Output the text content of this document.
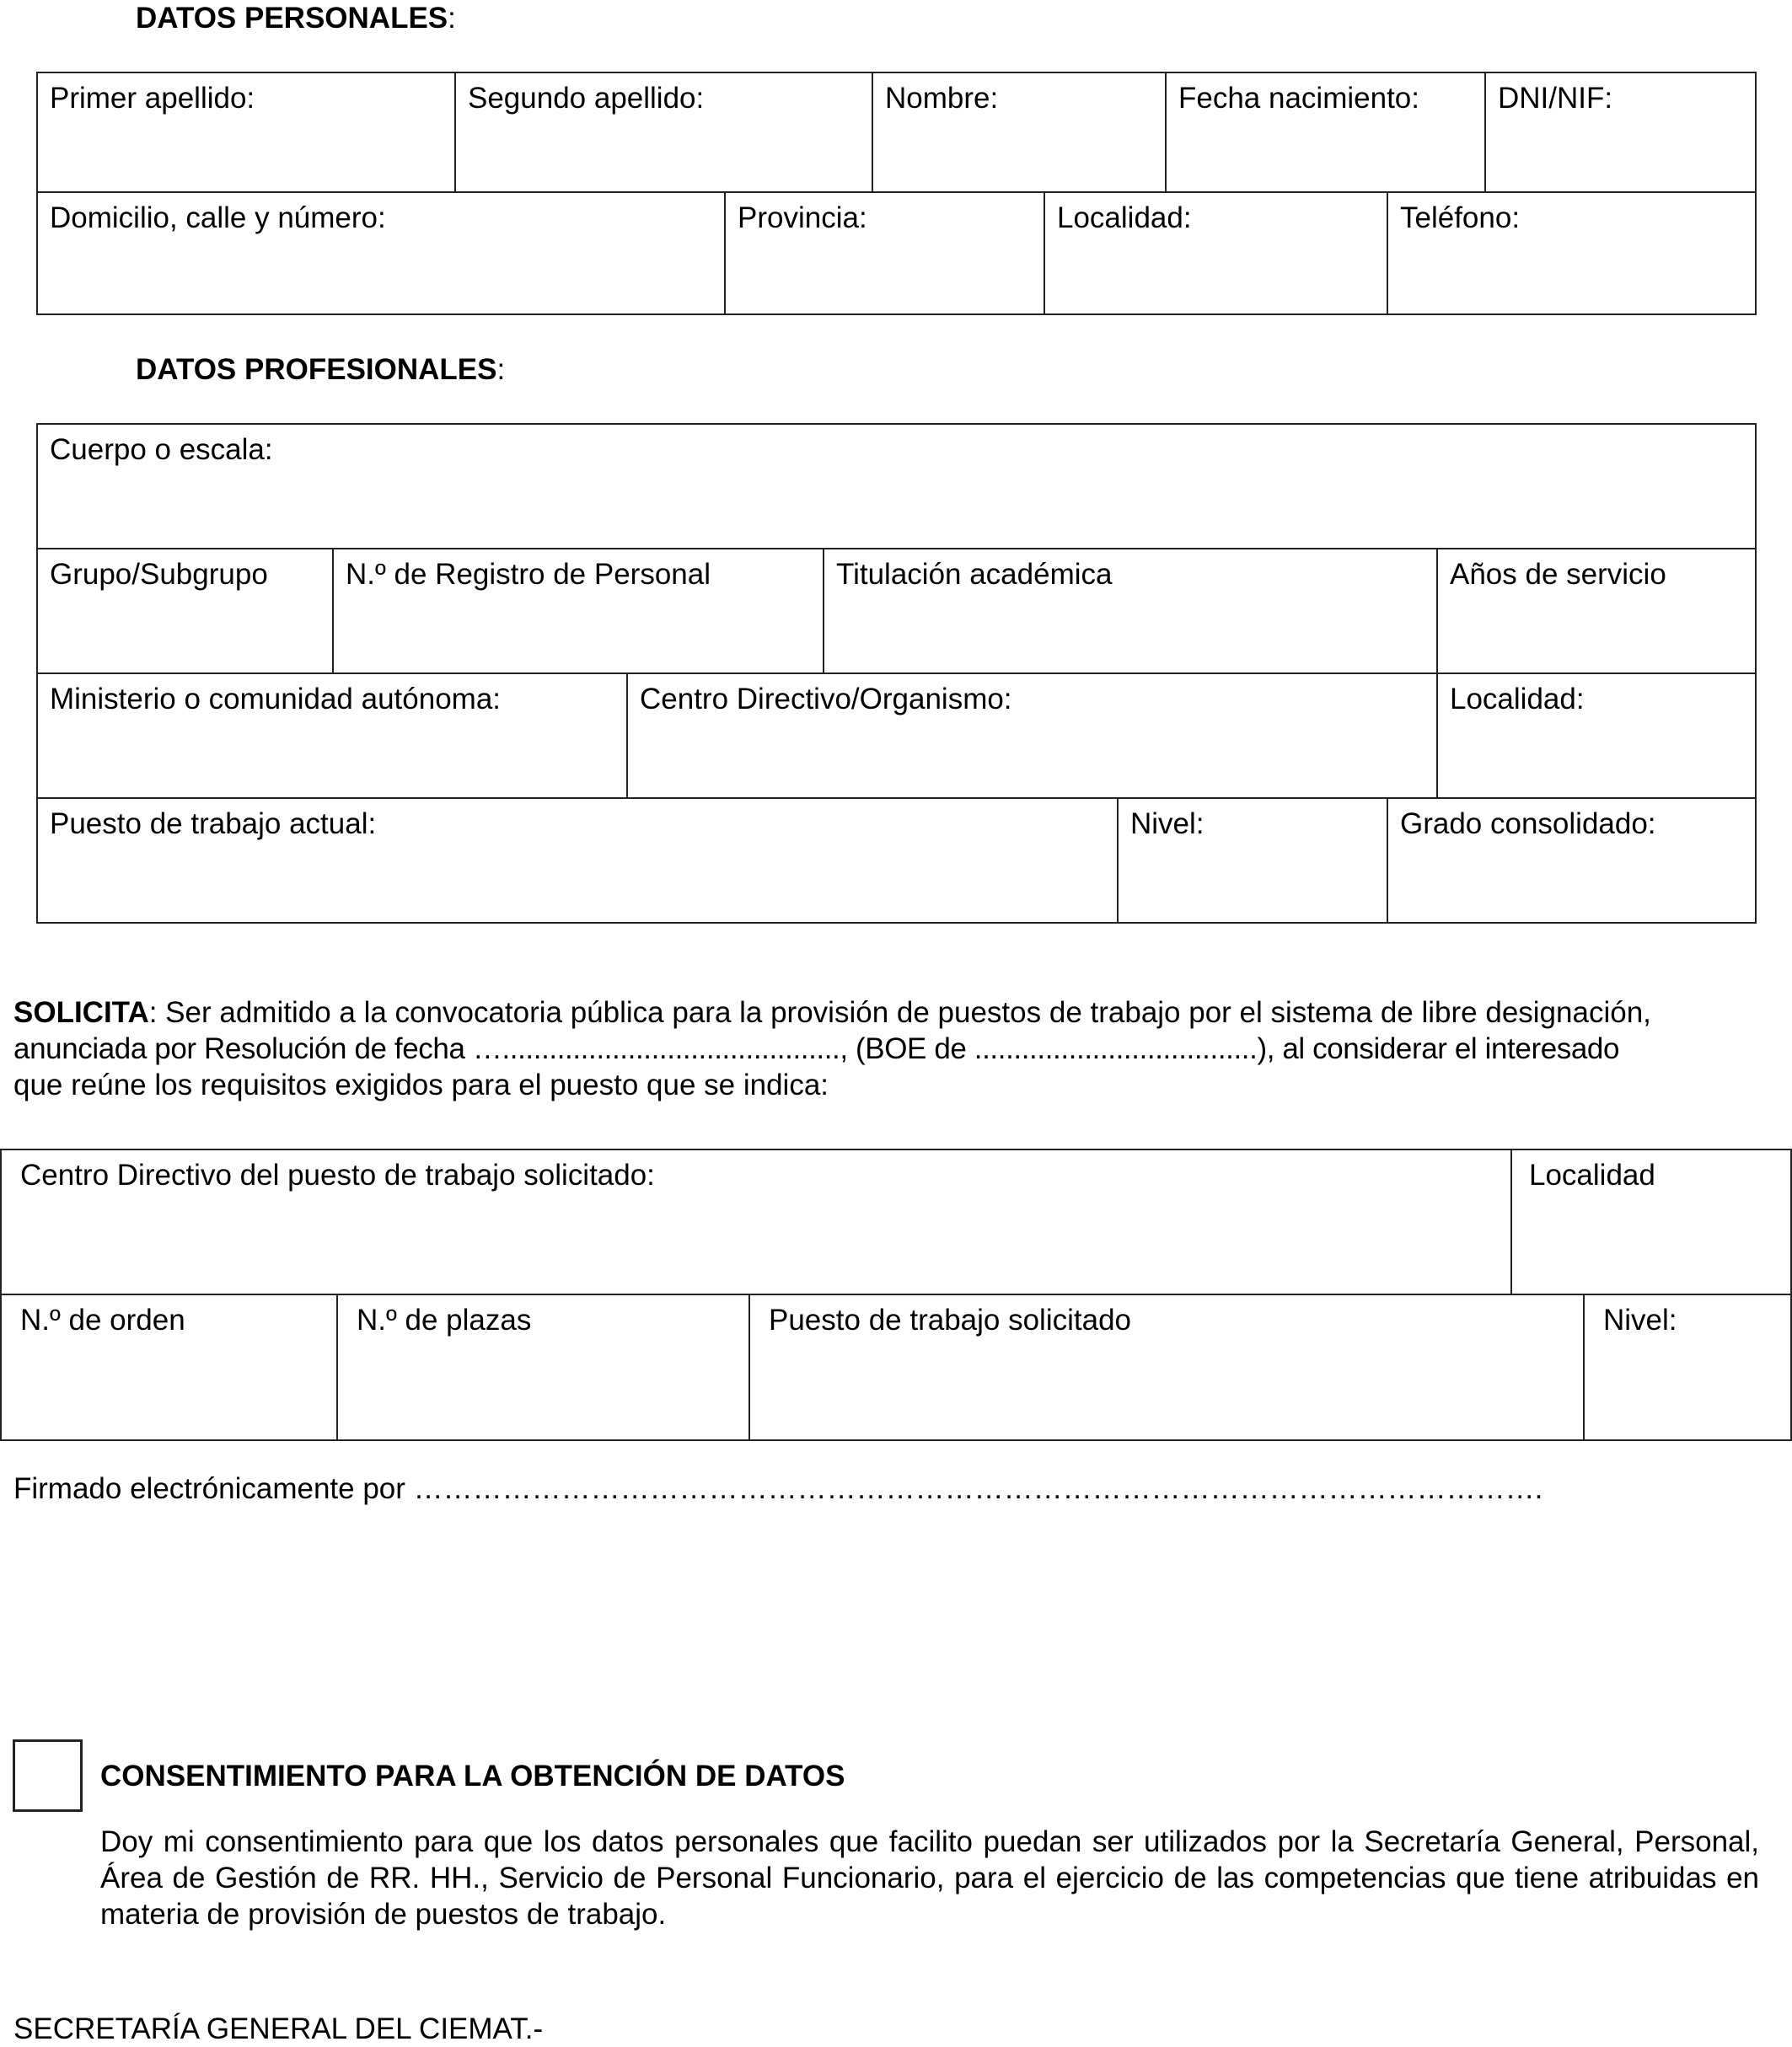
DATOS PERSONALES:
Primer apellido:	Segundo apellido:	Nombre:	Fecha nacimiento:	DNI/NIF:
Domicilio, calle y número:	Provincia:	Localidad:	Teléfono:
DATOS PROFESIONALES:
Cuerpo o escala:
Grupo/Subgrupo	N.º de Registro de Personal	Titulación académica	Años de servicio
Ministerio o comunidad autónoma:	Centro Directivo/Organismo:	Localidad:
Puesto de trabajo actual:	Nivel:	Grado consolidado:
SOLICITA: Ser admitido a la convocatoria pública para la provisión de puestos de trabajo por el sistema de libre designación,
anunciada por Resolución de fecha …..........................................., (BOE de ....................................), al considerar el interesado
que reúne los requisitos exigidos para el puesto que se indica:
Centro Directivo del puesto de trabajo solicitado:	Localidad
N.º de orden	N.º de plazas	Puesto de trabajo solicitado	Nivel:
Firmado electrónicamente por …………………………………………………………………………………………………….
CONSENTIMIENTO PARA LA OBTENCIÓN DE DATOS
Doy mi consentimiento para que los datos personales que facilito puedan ser utilizados por la Secretaría General, Personal, Área de Gestión de RR. HH., Servicio de Personal Funcionario, para el ejercicio de las competencias que tiene atribuidas en materia de provisión de puestos de trabajo.
SECRETARÍA GENERAL DEL CIEMAT.-
